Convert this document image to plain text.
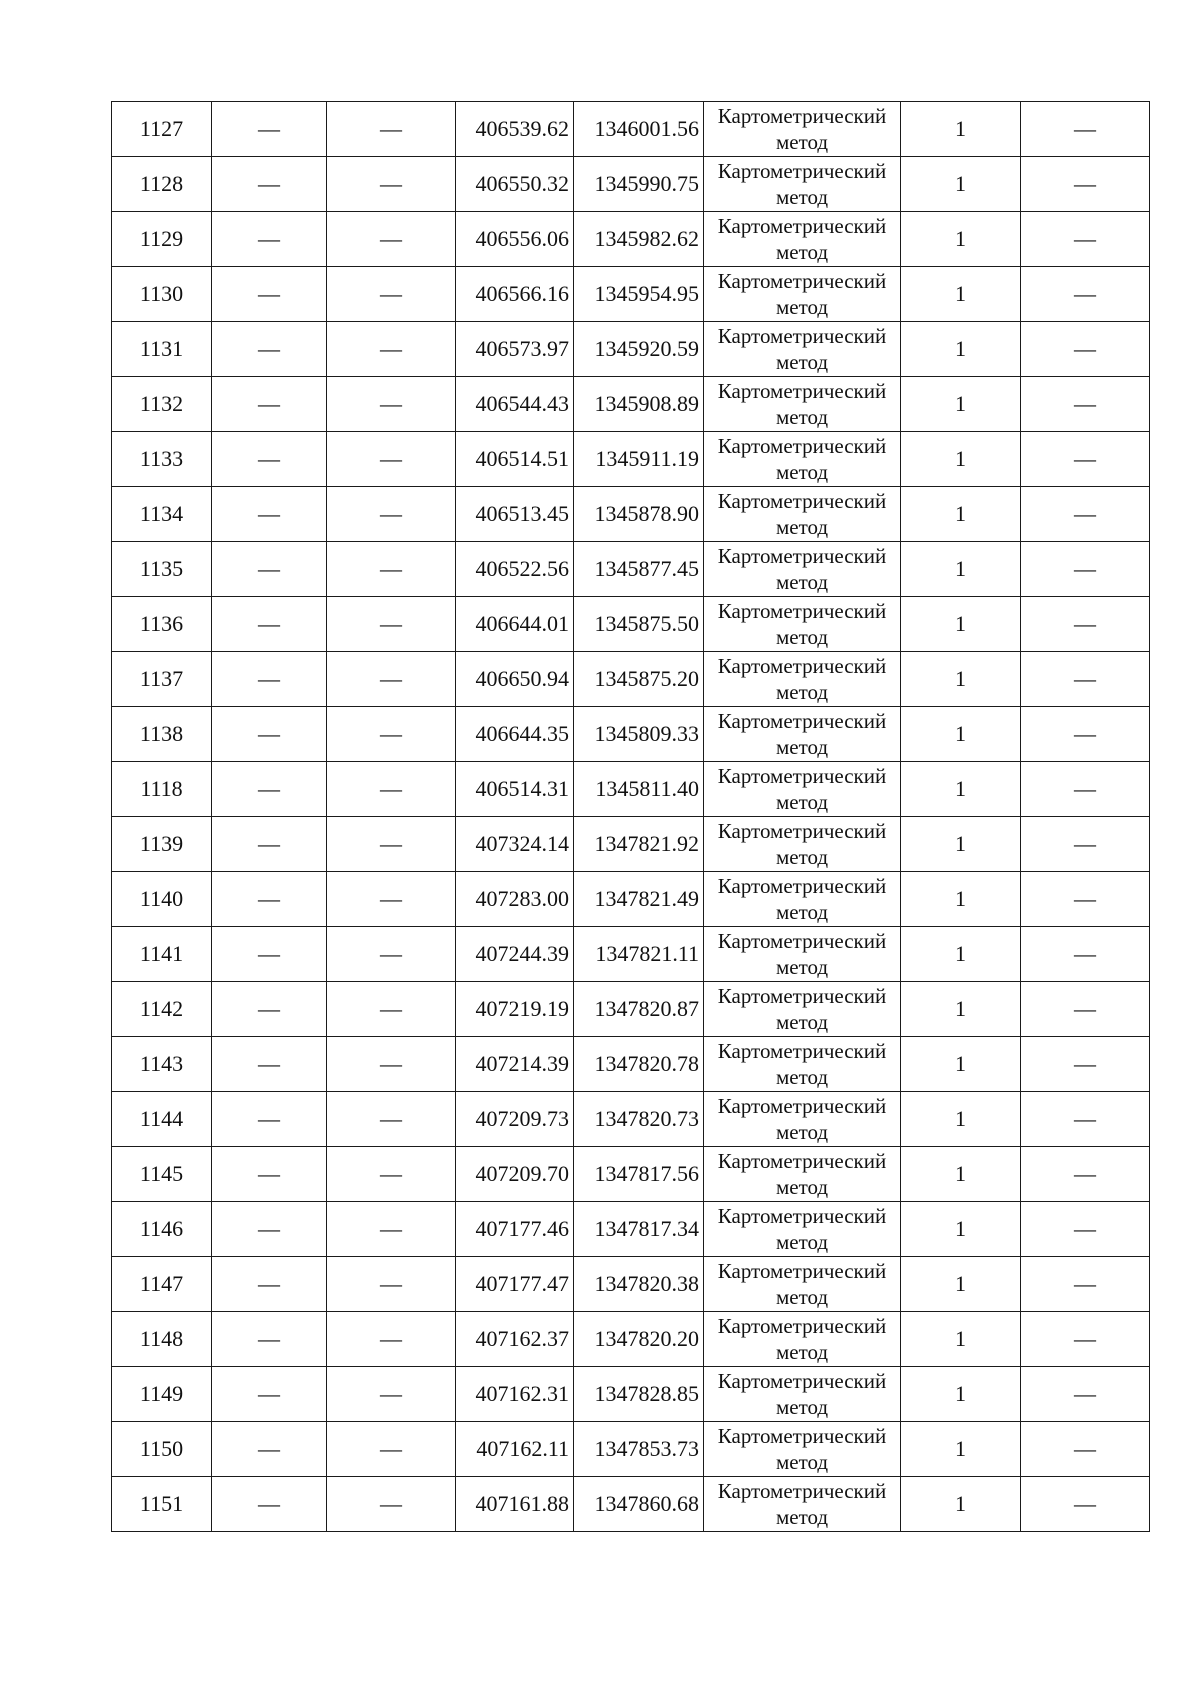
1127	—	—	406539.62	1346001.56	Картометрический метод	1	—
1128	—	—	406550.32	1345990.75	Картометрический метод	1	—
1129	—	—	406556.06	1345982.62	Картометрический метод	1	—
1130	—	—	406566.16	1345954.95	Картометрический метод	1	—
1131	—	—	406573.97	1345920.59	Картометрический метод	1	—
1132	—	—	406544.43	1345908.89	Картометрический метод	1	—
1133	—	—	406514.51	1345911.19	Картометрический метод	1	—
1134	—	—	406513.45	1345878.90	Картометрический метод	1	—
1135	—	—	406522.56	1345877.45	Картометрический метод	1	—
1136	—	—	406644.01	1345875.50	Картометрический метод	1	—
1137	—	—	406650.94	1345875.20	Картометрический метод	1	—
1138	—	—	406644.35	1345809.33	Картометрический метод	1	—
1118	—	—	406514.31	1345811.40	Картометрический метод	1	—
1139	—	—	407324.14	1347821.92	Картометрический метод	1	—
1140	—	—	407283.00	1347821.49	Картометрический метод	1	—
1141	—	—	407244.39	1347821.11	Картометрический метод	1	—
1142	—	—	407219.19	1347820.87	Картометрический метод	1	—
1143	—	—	407214.39	1347820.78	Картометрический метод	1	—
1144	—	—	407209.73	1347820.73	Картометрический метод	1	—
1145	—	—	407209.70	1347817.56	Картометрический метод	1	—
1146	—	—	407177.46	1347817.34	Картометрический метод	1	—
1147	—	—	407177.47	1347820.38	Картометрический метод	1	—
1148	—	—	407162.37	1347820.20	Картометрический метод	1	—
1149	—	—	407162.31	1347828.85	Картометрический метод	1	—
1150	—	—	407162.11	1347853.73	Картометрический метод	1	—
1151	—	—	407161.88	1347860.68	Картометрический метод	1	—
